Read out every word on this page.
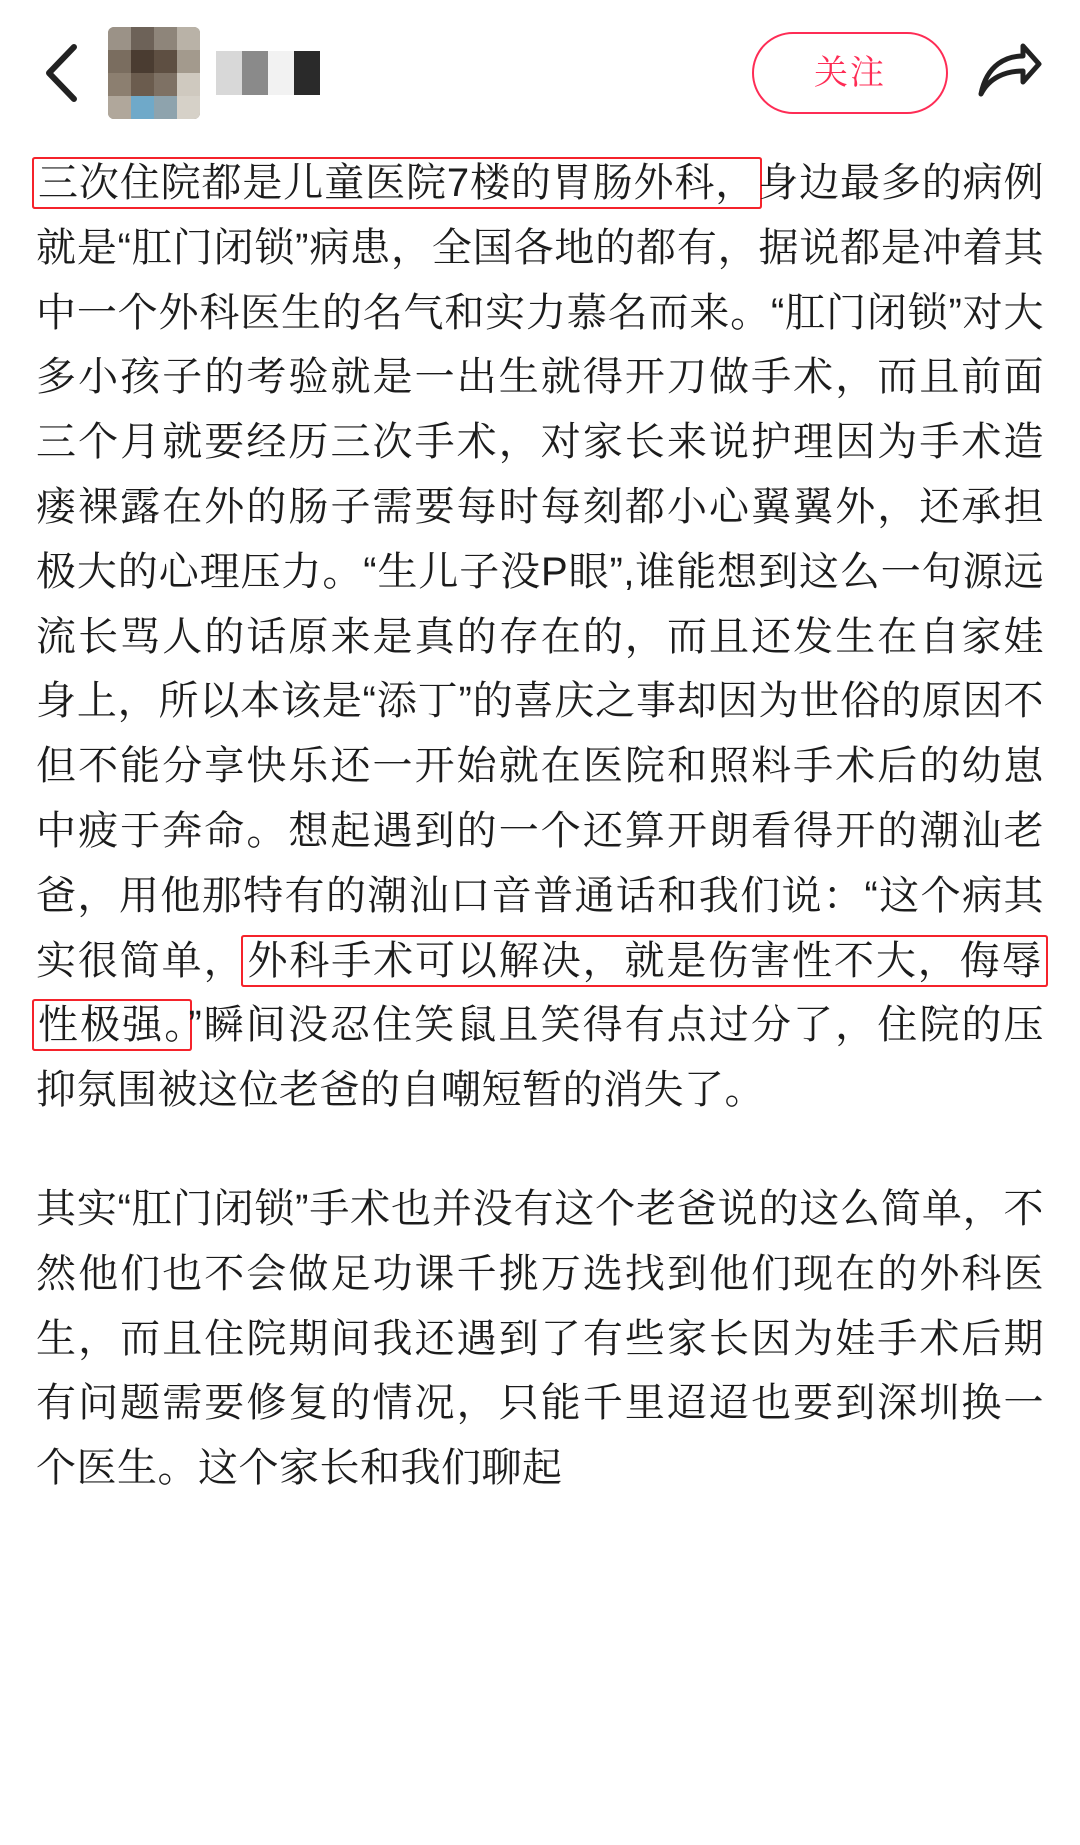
关注

三次住院都是儿童医院7楼的胃肠外科，身边最多的病例就是“肛门闭锁”病患，全国各地的都有，据说都是冲着其中一个外科医生的名气和实力慕名而来。“肛门闭锁”对大多小孩子的考验就是一出生就得开刀做手术，而且前面三个月就要经历三次手术，对家长来说护理因为手术造瘘裸露在外的肠子需要每时每刻都小心翼翼外，还承担极大的心理压力。“生儿子没P眼”,谁能想到这么一句源远流长骂人的话原来是真的存在的，而且还发生在自家娃身上，所以本该是“添丁”的喜庆之事却因为世俗的原因不但不能分享快乐还一开始就在医院和照料手术后的幼崽中疲于奔命。想起遇到的一个还算开朗看得开的潮汕老爸，用他那特有的潮汕口音普通话和我们说：“这个病其实很简单，外科手术可以解决，就是伤害性不大，侮辱性极强。”瞬间没忍住笑鼠且笑得有点过分了，住院的压抑氛围被这位老爸的自嘲短暂的消失了。

其实“肛门闭锁”手术也并没有这个老爸说的这么简单，不然他们也不会做足功课千挑万选找到他们现在的外科医生，而且住院期间我还遇到了有些家长因为娃手术后期有问题需要修复的情况，只能千里迢迢也要到深圳换一个医生。这个家长和我们聊起
